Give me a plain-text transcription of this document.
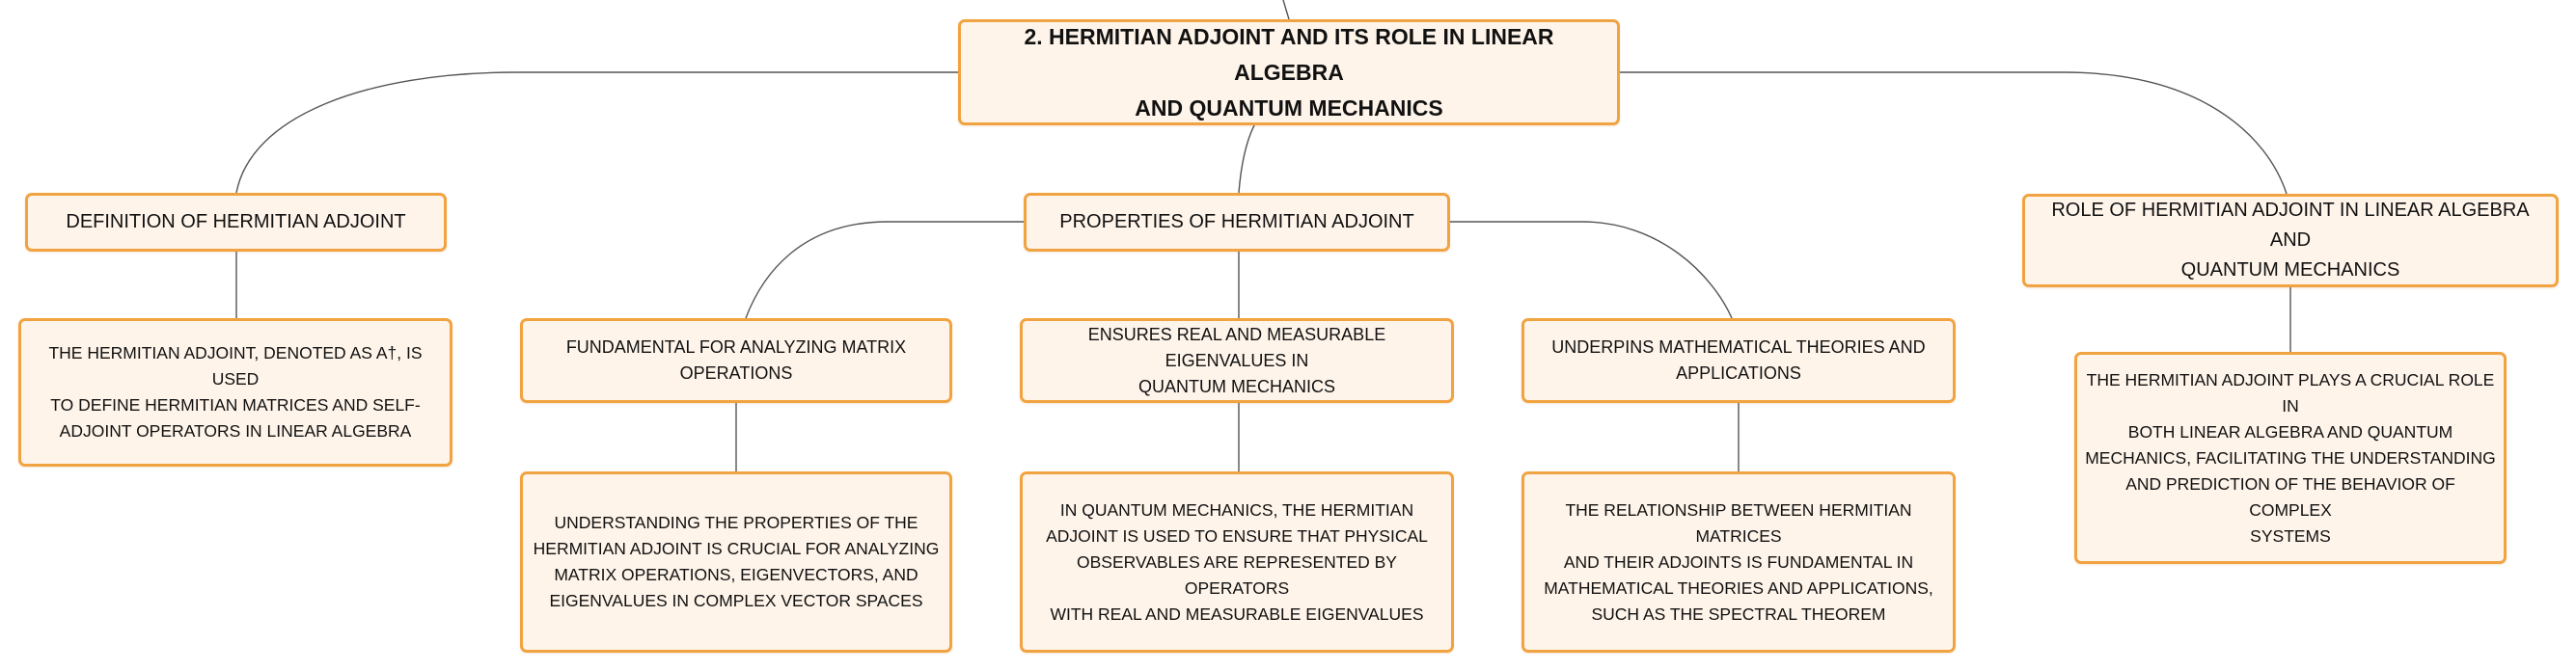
2. HERMITIAN ADJOINT AND ITS ROLE IN LINEAR ALGEBRA
AND QUANTUM MECHANICS
DEFINITION OF HERMITIAN ADJOINT	PROPERTIES OF HERMITIAN ADJOINT
ROLE OF HERMITIAN ADJOINT IN LINEAR ALGEBRA AND
QUANTUM MECHANICS
THE HERMITIAN ADJOINT, DENOTED AS A†, IS USED
TO DEFINE HERMITIAN MATRICES AND SELF-
ADJOINT OPERATORS IN LINEAR ALGEBRA
FUNDAMENTAL FOR ANALYZING MATRIX
OPERATIONS
ENSURES REAL AND MEASURABLE EIGENVALUES IN
QUANTUM MECHANICS
UNDERPINS MATHEMATICAL THEORIES AND
APPLICATIONS
UNDERSTANDING THE PROPERTIES OF THE
HERMITIAN ADJOINT IS CRUCIAL FOR ANALYZING
MATRIX OPERATIONS, EIGENVECTORS, AND
EIGENVALUES IN COMPLEX VECTOR SPACES
IN QUANTUM MECHANICS, THE HERMITIAN
ADJOINT IS USED TO ENSURE THAT PHYSICAL
OBSERVABLES ARE REPRESENTED BY OPERATORS
WITH REAL AND MEASURABLE EIGENVALUES
THE RELATIONSHIP BETWEEN HERMITIAN MATRICES
AND THEIR ADJOINTS IS FUNDAMENTAL IN
MATHEMATICAL THEORIES AND APPLICATIONS,
SUCH AS THE SPECTRAL THEOREM
THE HERMITIAN ADJOINT PLAYS A CRUCIAL ROLE IN
BOTH LINEAR ALGEBRA AND QUANTUM
MECHANICS, FACILITATING THE UNDERSTANDING
AND PREDICTION OF THE BEHAVIOR OF COMPLEX
SYSTEMS
